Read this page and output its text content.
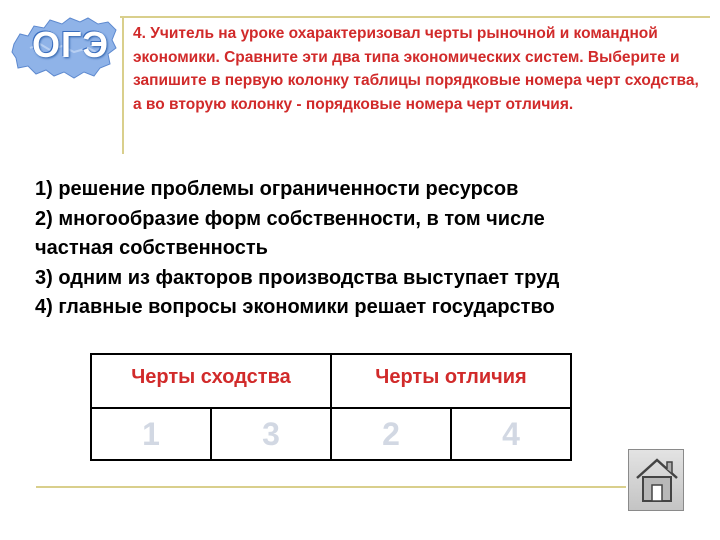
ОГЭ 4. Учитель на уроке охарактеризовал черты рыночной и командной экономики. Сравните эти два типа экономических систем. Выберите и запишите в первую колонку таблицы порядковые номера черт сходства, а во вторую колонку - порядковые номера черт отличия.
1) решение проблемы ограниченности ресурсов
2) многообразие форм собственности, в том числе
частная собственность
3) одним из факторов производства выступает труд
4) главные вопросы экономики решает государство
Черты сходства		Черты отличия	
1	3	2	4
